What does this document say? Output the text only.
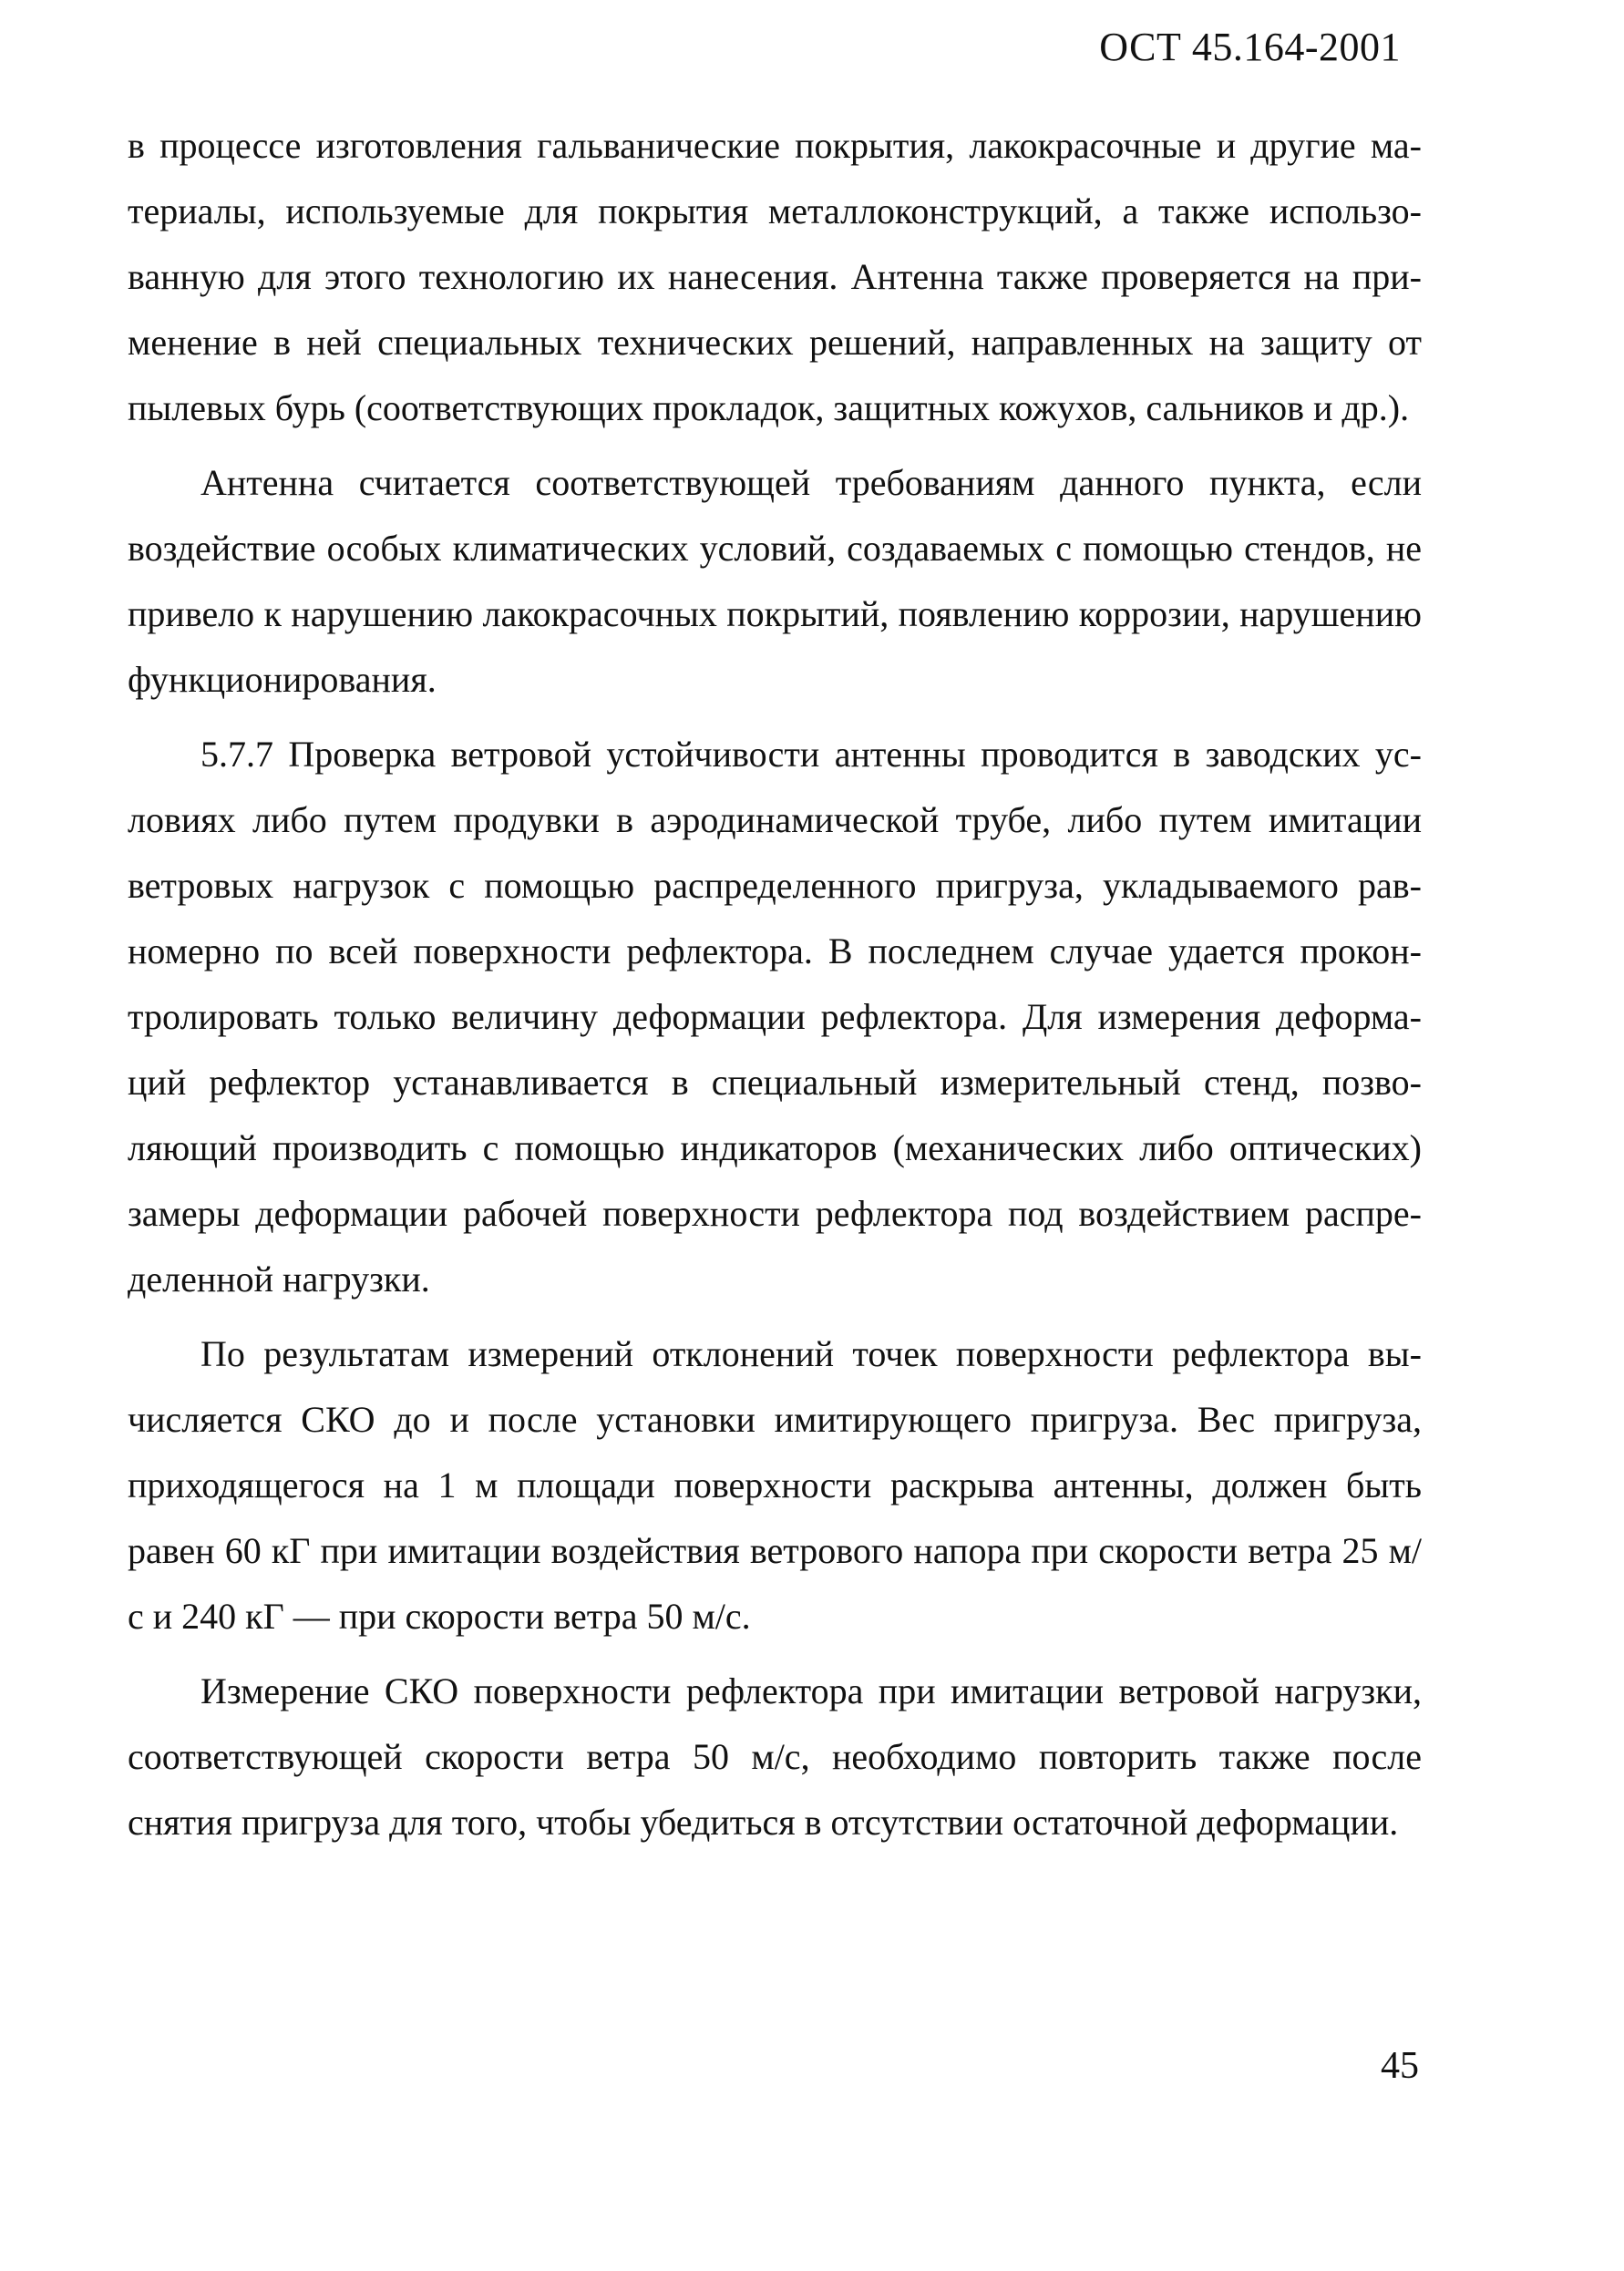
ОСТ 45.164-2001

в процессе изготовления гальванические покрытия, лакокрасочные и другие материалы, используемые для покрытия металлоконструкций, а также использованную для этого технологию их нанесения. Антенна также проверяется на применение в ней специальных технических решений, направленных на защиту от пылевых бурь (соответствующих прокладок, защитных кожухов, сальников и др.).

Антенна считается соответствующей требованиям данного пункта, если воздействие особых климатических условий, создаваемых с помощью стендов, не привело к нарушению лакокрасочных покрытий, появлению коррозии, нарушению функционирования.

5.7.7 Проверка ветровой устойчивости антенны проводится в заводских условиях либо путем продувки в аэродинамической трубе, либо путем имитации ветровых нагрузок с помощью распределенного пригруза, укладываемого равномерно по всей поверхности рефлектора. В последнем случае удается проконтролировать только величину деформации рефлектора. Для измерения деформаций рефлектор устанавливается в специальный измерительный стенд, позволяющий производить с помощью индикаторов (механических либо оптических) замеры деформации рабочей поверхности рефлектора под воздействием распределенной нагрузки.

По результатам измерений отклонений точек поверхности рефлектора вычисляется СКО до и после установки имитирующего пригруза. Вес пригруза, приходящегося на 1 м площади поверхности раскрыва антенны, должен быть равен 60 кГ при имитации воздействия ветрового напора при скорости ветра 25 м/с и 240 кГ — при скорости ветра 50 м/с.

Измерение СКО поверхности рефлектора при имитации ветровой нагрузки, соответствующей скорости ветра 50 м/с, необходимо повторить также после снятия пригруза для того, чтобы убедиться в отсутствии остаточной деформации.

45
